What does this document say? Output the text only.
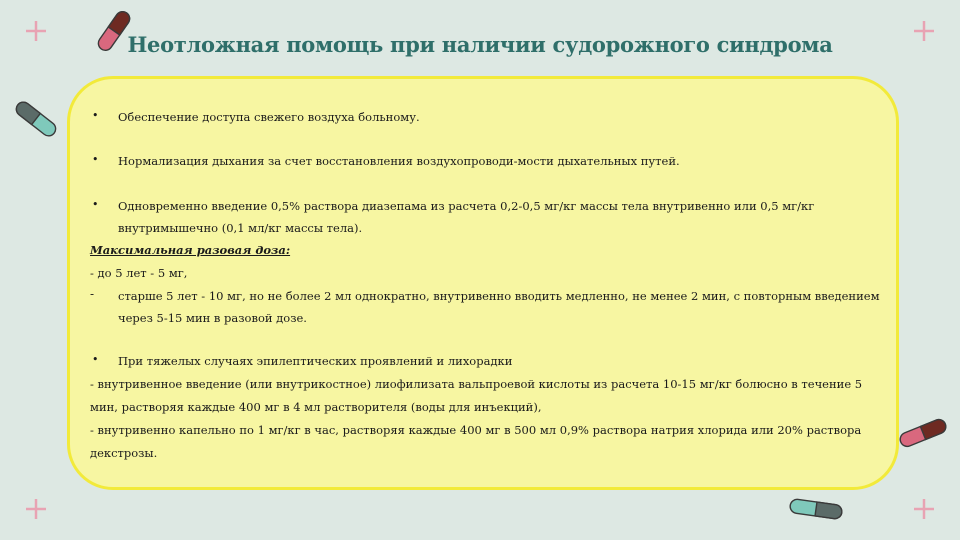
Неотложная помощь при наличии судорожного синдрома
• Обеспечение доступа свежего воздуха больному.
• Нормализация дыхания за счет восстановления воздухопроводи-мости дыхательных путей.
• Одновременно введение 0,5% раствора диазепама из расчета 0,2-0,5 мг/кг массы тела внутривенно или 0,5 мг/кг
внутримышечно (0,1 мл/кг массы тела).
Максимальная разовая доза:
- до 5 лет - 5 мг,
- старше 5 лет - 10 мг, но не более 2 мл однократно, внутривенно вводить медленно, не менее 2 мин, с повторным введением
через 5-15 мин в разовой дозе.
• При тяжелых случаях эпилептических проявлений и лихорадки
- внутривенное введение (или внутрикостное) лиофилизата вальпроевой кислоты из расчета 10-15 мг/кг болюсно в течение 5
мин, растворяя каждые 400 мг в 4 мл растворителя (воды для инъекций),
- внутривенно капельно по 1 мг/кг в час, растворяя каждые 400 мг в 500 мл 0,9% раствора натрия хлорида или 20% раствора
декстрозы.
